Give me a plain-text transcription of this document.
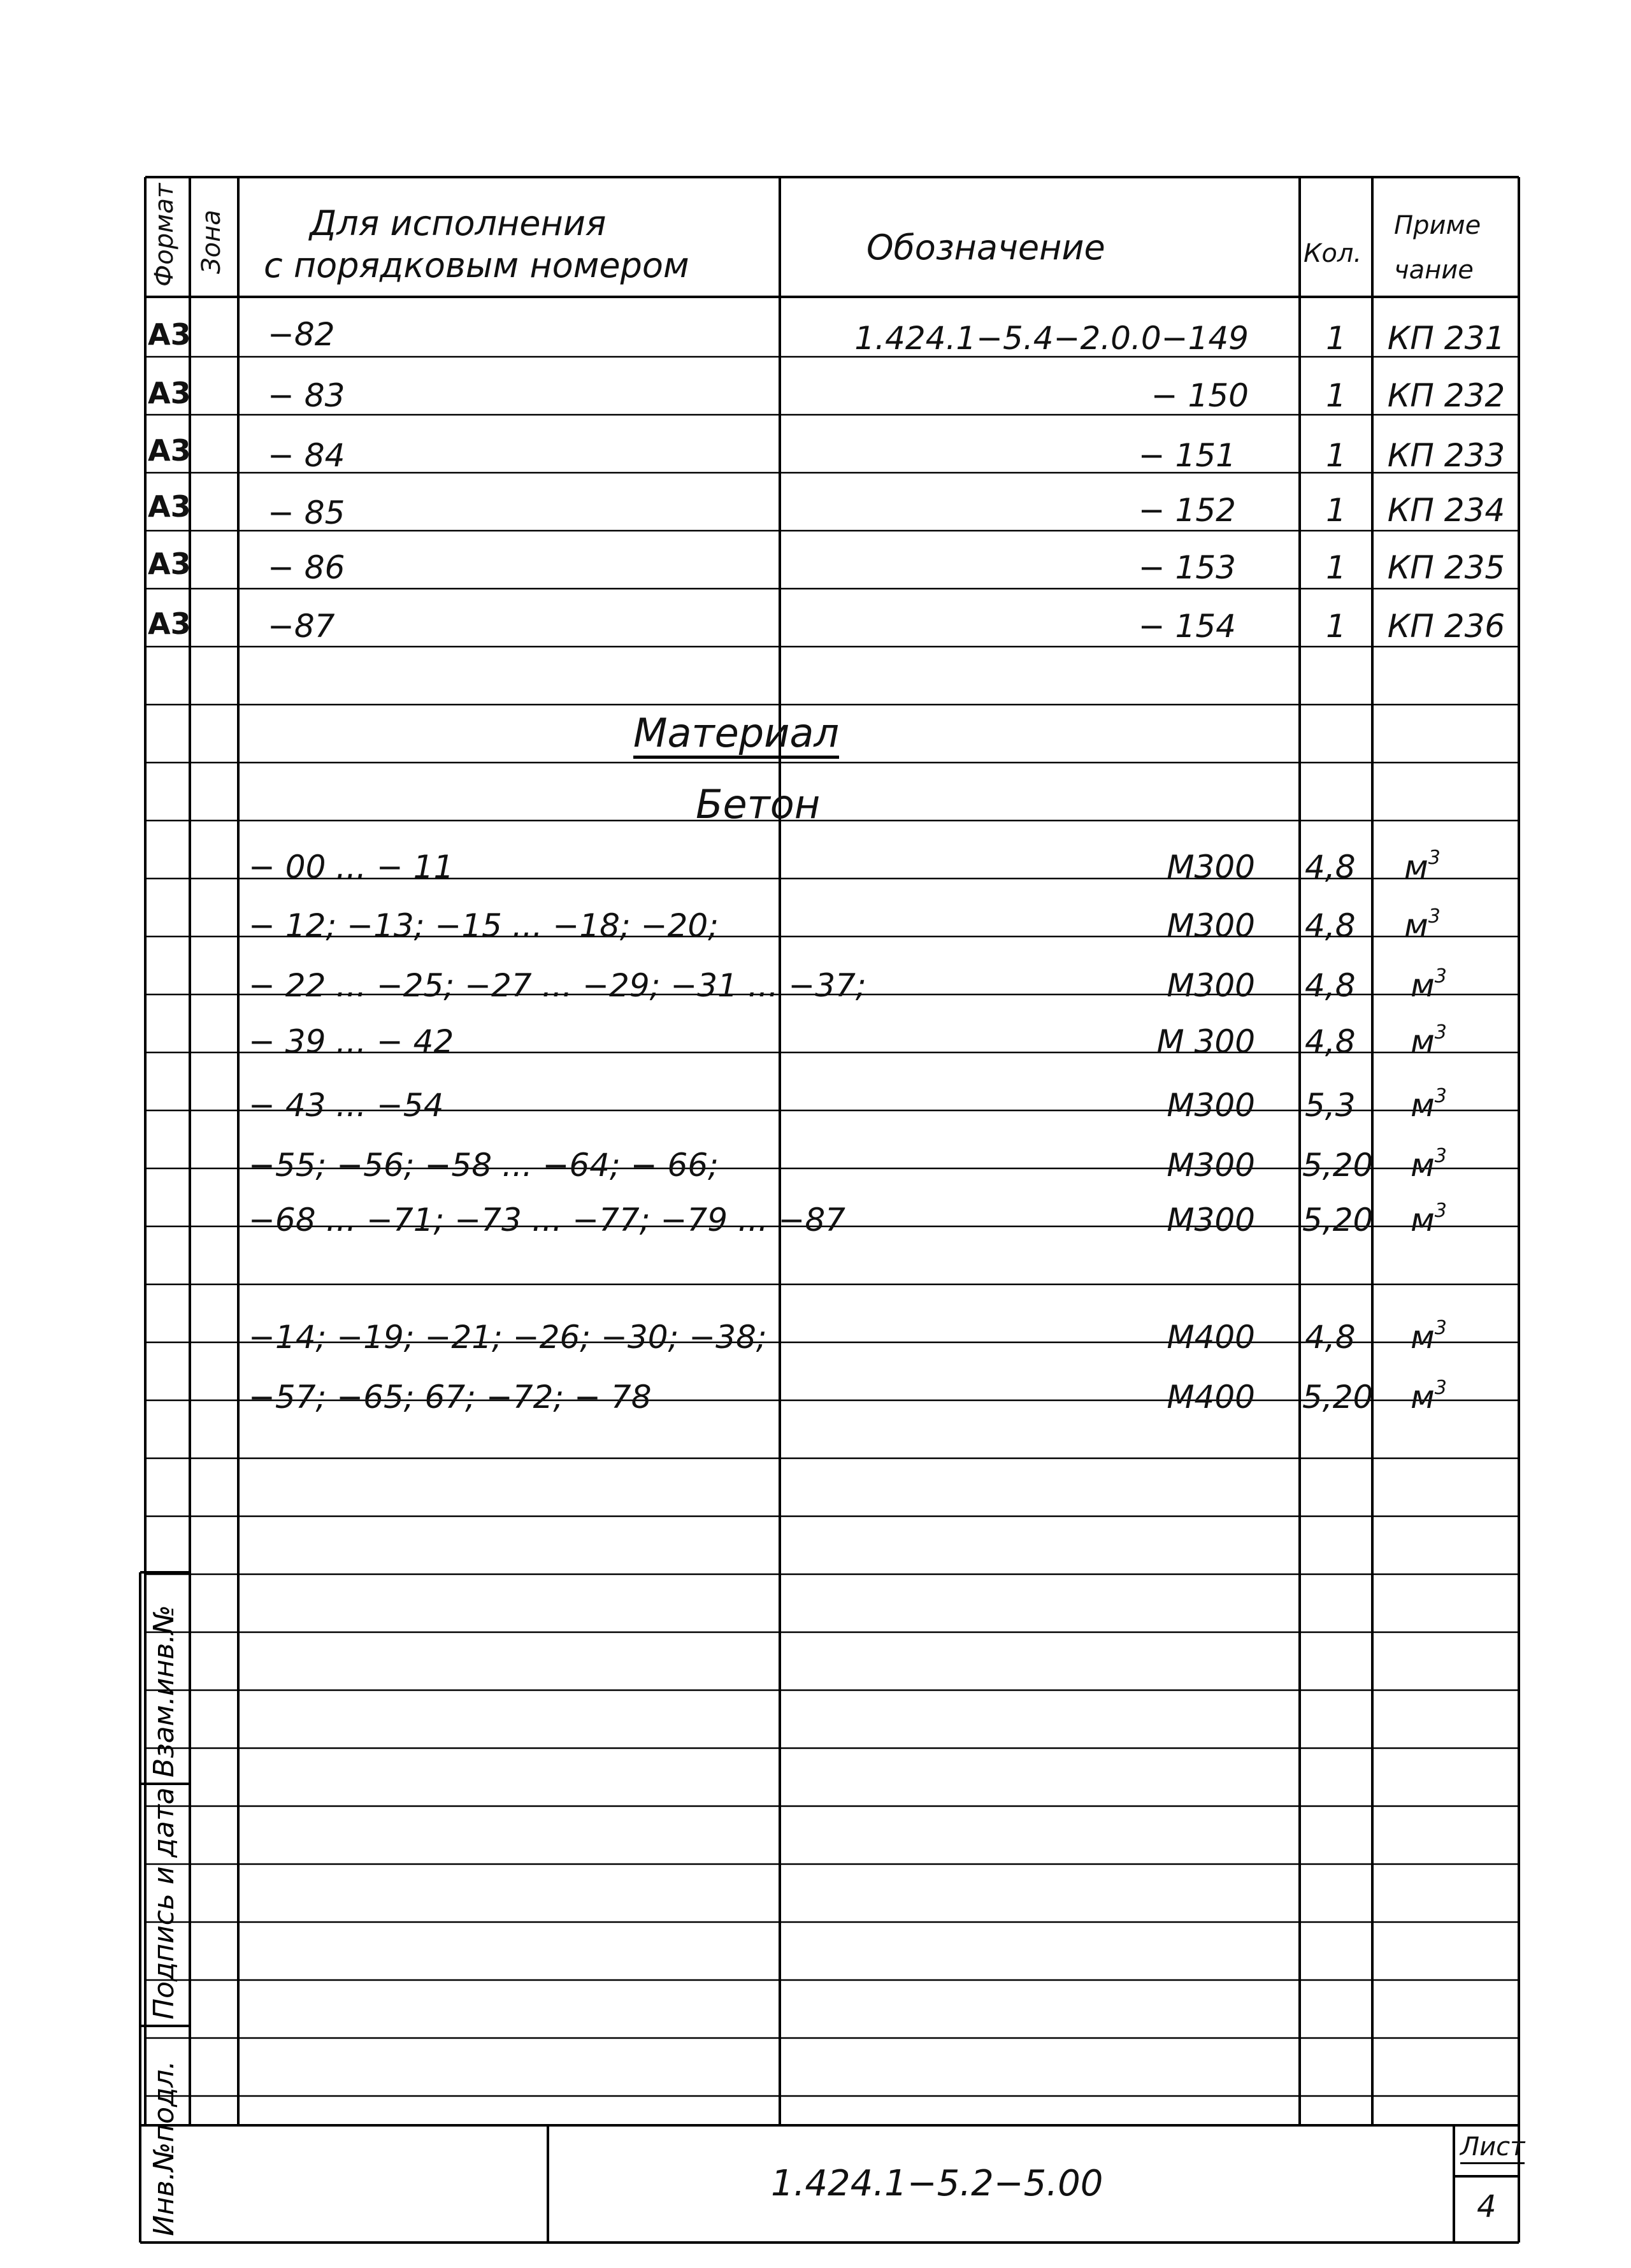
Формат Зона Для исполнения
с порядковым номером	Обозначение	Кол.
Приме
чание
А3 −82	1.424.1−5.4−2.0.0−149	1	КП 231
А3 − 83	− 150	1	КП 232
А3 − 84	− 151	1	КП 233
А3 − 85	− 152	1	КП 234
А3 − 86	− 153	1	КП 235
А3 −87	− 154	1	КП 236
Материал
Бетон
− 00 ... − 11	М300 4,8 $м^3$
− 12; −13; −15 ... −18; −20;	М300 4,8 $м^3$
− 22 ... −25; −27 ... −29; −31 ... −37;	М300 4,8 $м^3$
− 39 ... − 42	М 300 4,8 $м^3$
− 43 ... −54	М300 5,3 $м^3$
−55; −56; −58 ... −64; − 66;	М300 5,20 $м^3$
−68 ... −71; −73 ... −77; −79 ... −87	М300 5,20 $м^3$
−14; −19; −21; −26; −30; −38;	М400 4,8 $м^3$
−57; −65; 67; −72; − 78	М400 5,20 $м^3$
Инв.№подл.
Подпись и дата
Взам.инв.№
1.424.1−5.2−5.00
Лист
4
